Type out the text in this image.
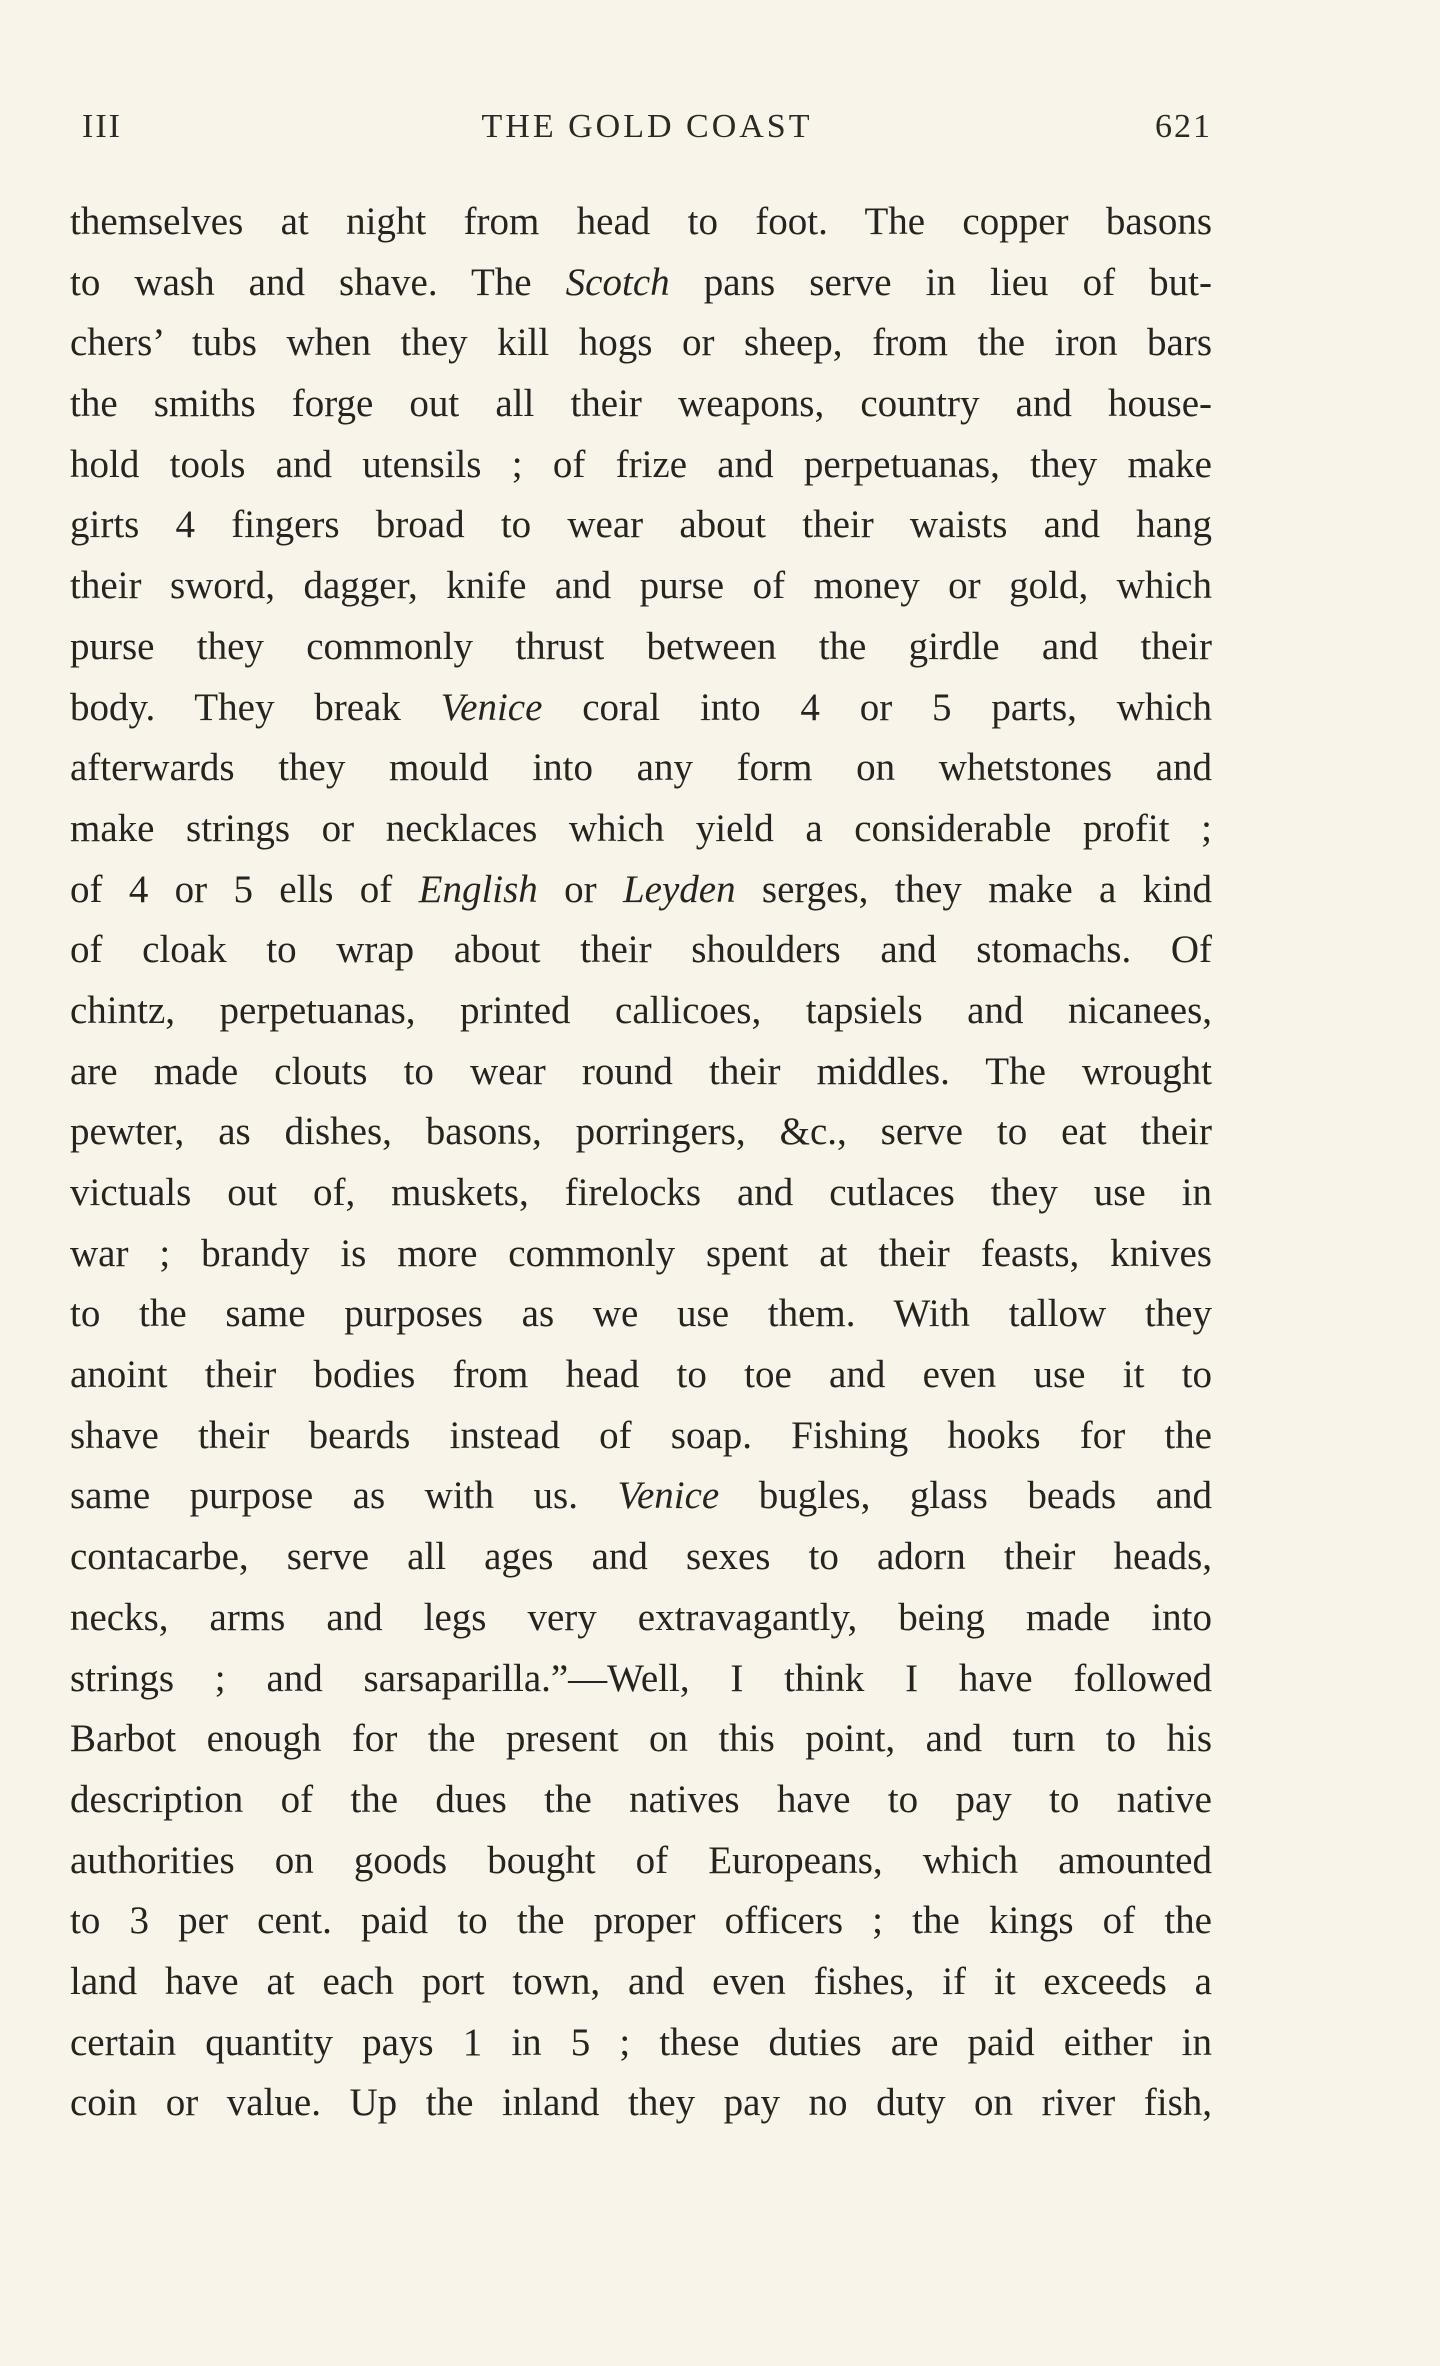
III	THE GOLD COAST	621
themselves at night from head to foot. The copper basons
to wash and shave. The Scotch pans serve in lieu of but-
chers’ tubs when they kill hogs or sheep, from the iron bars
the smiths forge out all their weapons, country and house-
hold tools and utensils ; of frize and perpetuanas, they make
girts 4 fingers broad to wear about their waists and hang
their sword, dagger, knife and purse of money or gold, which
purse they commonly thrust between the girdle and their
body. They break Venice coral into 4 or 5 parts, which
afterwards they mould into any form on whetstones and
make strings or necklaces which yield a considerable profit ;
of 4 or 5 ells of English or Leyden serges, they make a kind
of cloak to wrap about their shoulders and stomachs. Of
chintz, perpetuanas, printed callicoes, tapsiels and nicanees,
are made clouts to wear round their middles. The wrought
pewter, as dishes, basons, porringers, &c., serve to eat their
victuals out of, muskets, firelocks and cutlaces they use in
war ; brandy is more commonly spent at their feasts, knives
to the same purposes as we use them. With tallow they
anoint their bodies from head to toe and even use it to
shave their beards instead of soap. Fishing hooks for the
same purpose as with us. Venice bugles, glass beads and
contacarbe, serve all ages and sexes to adorn their heads,
necks, arms and legs very extravagantly, being made into
strings ; and sarsaparilla.”—Well, I think I have followed
Barbot enough for the present on this point, and turn to his
description of the dues the natives have to pay to native
authorities on goods bought of Europeans, which amounted
to 3 per cent. paid to the proper officers ; the kings of the
land have at each port town, and even fishes, if it exceeds a
certain quantity pays 1 in 5 ; these duties are paid either in
coin or value. Up the inland they pay no duty on river fish,
